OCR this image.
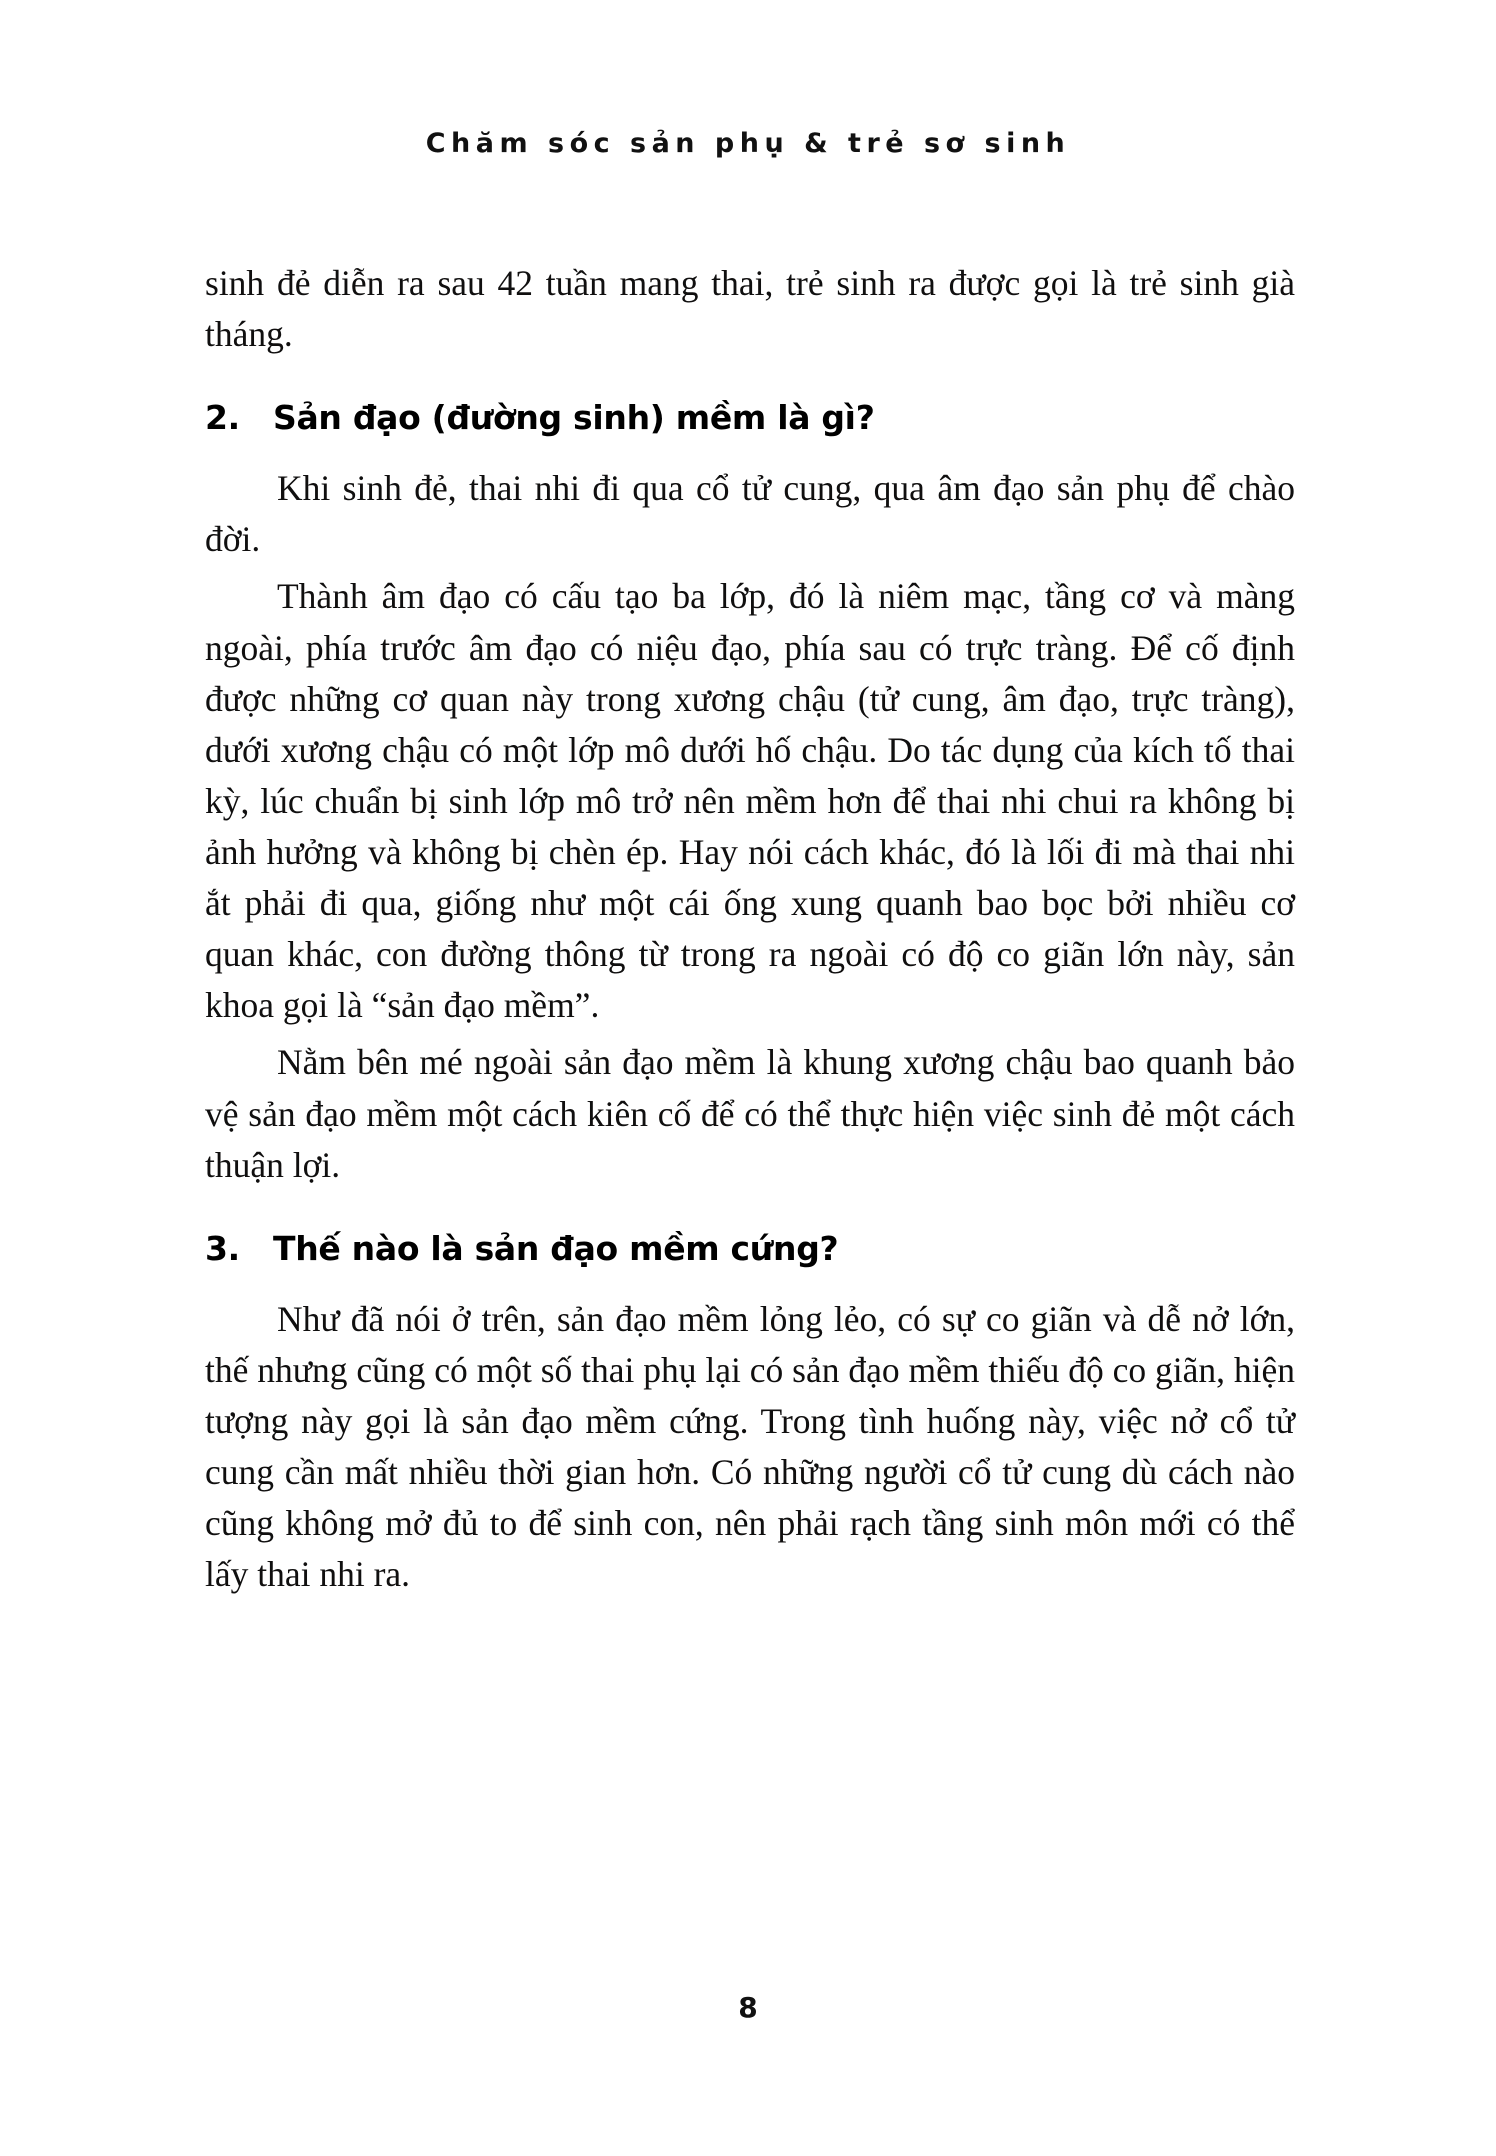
Chăm sóc sản phụ & trẻ sơ sinh

sinh đẻ diễn ra sau 42 tuần mang thai, trẻ sinh ra được gọi là trẻ sinh già tháng.

2.	Sản đạo (đường sinh) mềm là gì?

Khi sinh đẻ, thai nhi đi qua cổ tử cung, qua âm đạo sản phụ để chào đời.

Thành âm đạo có cấu tạo ba lớp, đó là niêm mạc, tầng cơ và màng ngoài, phía trước âm đạo có niệu đạo, phía sau có trực tràng. Để cố định được những cơ quan này trong xương chậu (tử cung, âm đạo, trực tràng), dưới xương chậu có một lớp mô dưới hố chậu. Do tác dụng của kích tố thai kỳ, lúc chuẩn bị sinh lớp mô trở nên mềm hơn để thai nhi chui ra không bị ảnh hưởng và không bị chèn ép. Hay nói cách khác, đó là lối đi mà thai nhi ắt phải đi qua, giống như một cái ống xung quanh bao bọc bởi nhiều cơ quan khác, con đường thông từ trong ra ngoài có độ co giãn lớn này, sản khoa gọi là “sản đạo mềm”.

Nằm bên mé ngoài sản đạo mềm là khung xương chậu bao quanh bảo vệ sản đạo mềm một cách kiên cố để có thể thực hiện việc sinh đẻ một cách thuận lợi.

3.	Thế nào là sản đạo mềm cứng?

Như đã nói ở trên, sản đạo mềm lỏng lẻo, có sự co giãn và dễ nở lớn, thế nhưng cũng có một số thai phụ lại có sản đạo mềm thiếu độ co giãn, hiện tượng này gọi là sản đạo mềm cứng. Trong tình huống này, việc nở cổ tử cung cần mất nhiều thời gian hơn. Có những người cổ tử cung dù cách nào cũng không mở đủ to để sinh con, nên phải rạch tầng sinh môn mới có thể lấy thai nhi ra.

8
